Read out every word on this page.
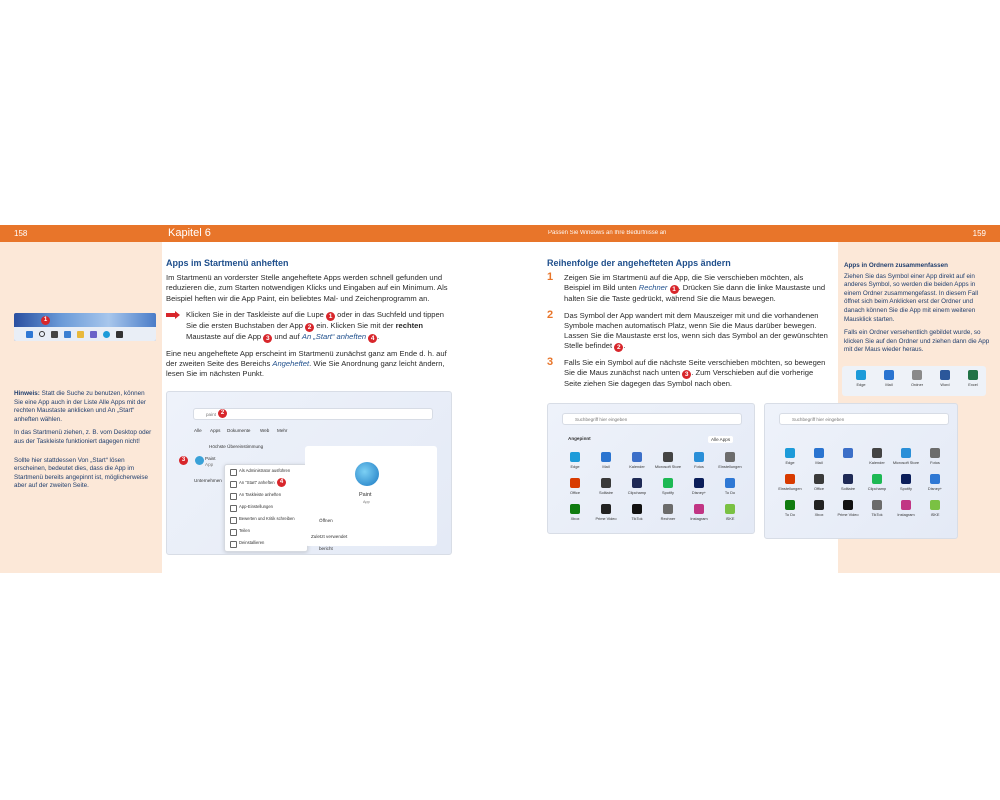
158	Kapitel 6	Passen Sie Windows an Ihre Bedürfnisse an	159
1

Hinweis: Statt die Suche zu benutzen, können Sie eine App auch in der Liste Alle Apps mit der rechten Maustaste anklicken und An „Start“ anheften wählen.

In das Startmenü ziehen, z. B. vom Desktop oder aus der Taskleiste funktioniert dagegen nicht!

Sollte hier stattdessen Von „Start“ lösen erscheinen, bedeutet dies, dass die App im Startmenü bereits angepinnt ist, möglicherweise aber auf der zweiten Seite.

Apps im Startmenü anheften

Im Startmenü an vorderster Stelle angeheftete Apps werden schnell gefunden und reduzieren die, zum Starten notwendigen Klicks und Eingaben auf ein Minimum. Als Beispiel heften wir die App Paint, ein beliebtes Mal- und Zeichenprogramm an.

Klicken Sie in der Taskleiste auf die Lupe 1 oder in das Suchfeld und tippen Sie die ersten Buchstaben der App 2 ein. Klicken Sie mit der rechten Maustaste auf die App 3 und auf An „Start“ anheften 4 .

Eine neu angeheftete App erscheint im Startmenü zunächst ganz am Ende d. h. auf der zweiten Seite des Bereichs Angeheftet. Wie Sie Anordnung ganz leicht ändern, lesen Sie im nächsten Punkt.

paint 2
Alle Apps Dokumente Web Mehr
Höchste Übereinstimmung
Paint
App
3
Unternehmen
Als Administrator ausführen
An "Start" anheften
An Taskleiste anheften
App-Einstellungen
Bewerten und Kritik schreiben
Teilen
Deinstallieren
4
Paint
App
Öffnen
Zuletzt verwendet
bericht
Reihenfolge der angehefteten Apps ändern
1 Zeigen Sie im Startmenü auf die App, die Sie verschieben möchten, als Beispiel im Bild unten Rechner 1 . Drücken Sie dann die linke Maustaste und halten Sie die Taste gedrückt, während Sie die Maus bewegen.
2 Das Symbol der App wandert mit dem Mauszeiger mit und die vorhandenen Symbole machen automatisch Platz, wenn Sie die Maus darüber bewegen. Lassen Sie die Maustaste erst los, wenn sich das Symbol an der gewünschten Stelle befindet 2 .
3 Falls Sie ein Symbol auf die nächste Seite verschieben möchten, so bewegen Sie die Maus zunächst nach unten 3 . Zum Verschieben auf die vorherige Seite ziehen Sie dagegen das Symbol nach oben.
Suchbegriff hier eingeben
Angepinnt	Alle Apps
Edge	Mail	Kalender	Microsoft Store	Fotos	Einstellungen
Office	Solitaire	Clipchamp	Spotify	Disney+	To Do
Xbox	Prime Video	TikTok	Rechner	Instagram	ISKE
Suchbegriff hier eingeben
Edge	Mail	Kalender	Microsoft Store	Fotos
Einstellungen	Office	Solitaire	Clipchamp	Spotify	Disney+
To Do	Xbox	Prime Video	TikTok	Instagram	ISKE

Apps in Ordnern zusammenfassen

Ziehen Sie das Symbol einer App direkt auf ein anderes Symbol, so werden die beiden Apps in einem Ordner zusammengefasst. In diesem Fall öffnet sich beim Anklicken erst der Ordner und danach können Sie die App mit einem weiteren Mausklick starten.

Falls ein Ordner versehentlich gebildet wurde, so klicken Sie auf den Ordner und ziehen dann die App mit der Maus wieder heraus.

Edge	Mail	Ordner	Word	Excel
